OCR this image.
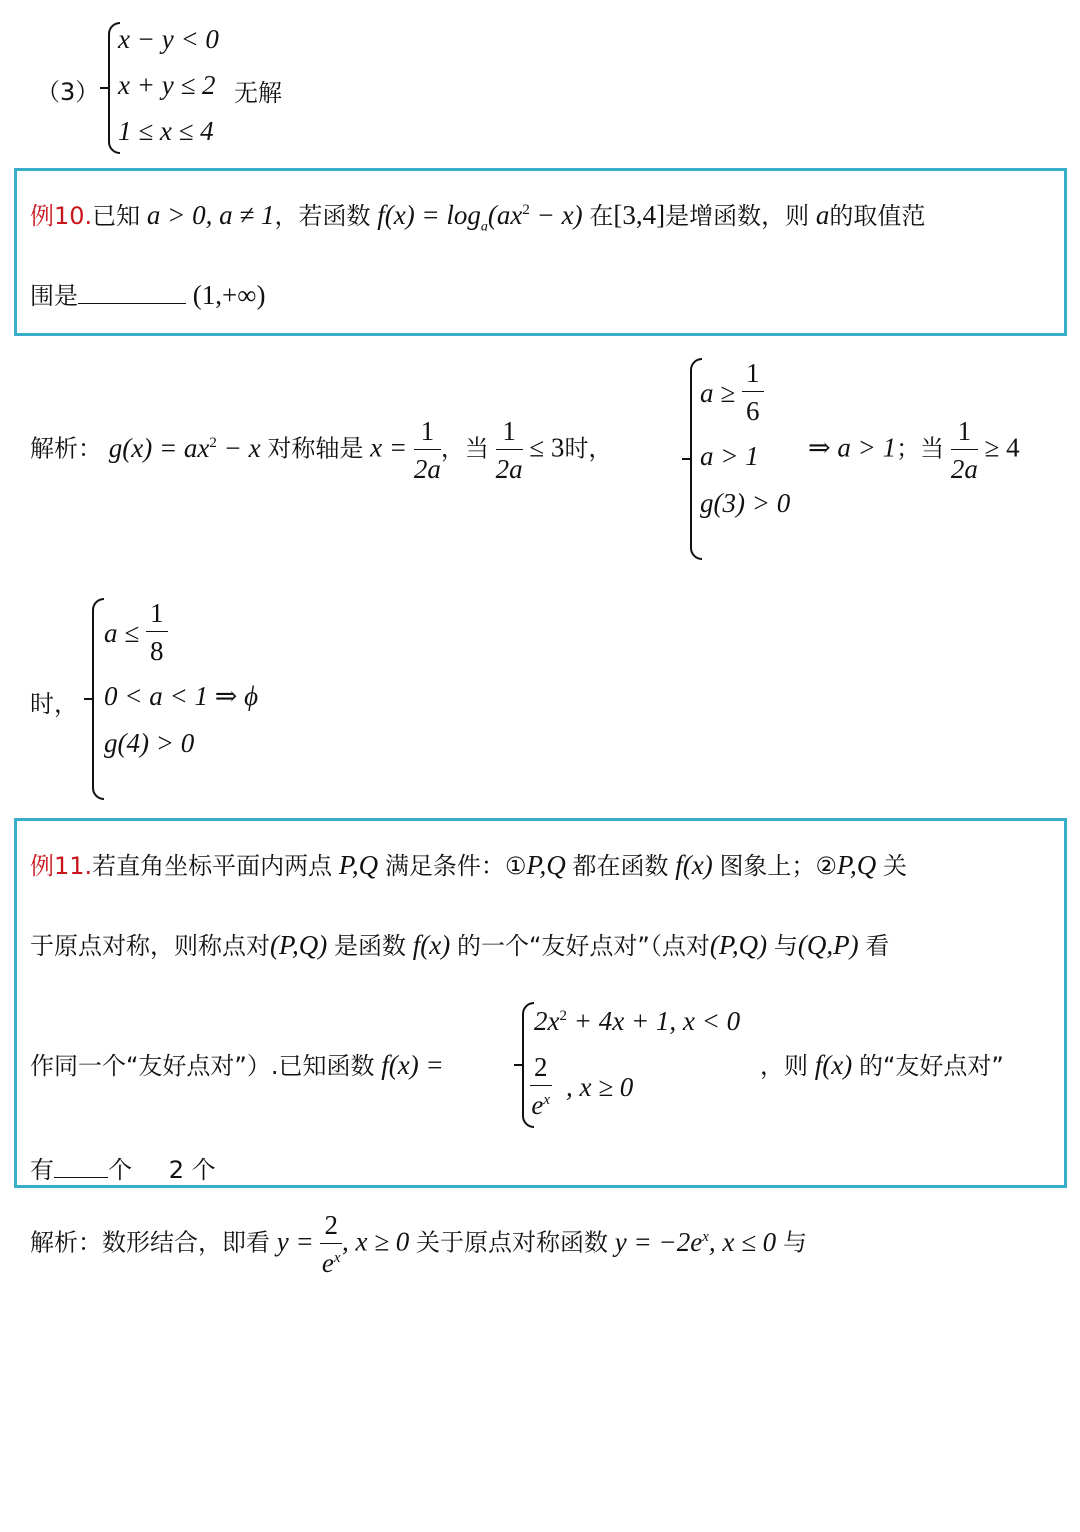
（3）
x − y < 0
x + y ≤ 2 无解
1 ≤ x ≤ 4
例10.已知 a > 0, a ≠ 1，若函数 $f(x) = \log_a(ax^2 - x)$ 在[3,4]是增函数，则 a的取值范
围是	(1,+∞)
解析： $g(x) = ax^2 - x$ 对称轴是 $x = \frac{1}{2a}$ ，当 $\frac{1}{2a} \le 3$时，
$a \ge \frac{1}{6}$
a > 1
g(3) > 0
⇒ a > 1；当 $\frac{1}{2a} \ge 4$
时，
$a \le \frac{1}{8}$
0 < a < 1 ⇒ ϕ
g(4) > 0
例11.若直角坐标平面内两点 P,Q 满足条件：①P,Q 都在函数 f(x) 图象上；②P,Q 关
于原点对称，则称点对(P,Q) 是函数 f(x) 的一个“友好点对”（点对(P,Q) 与(Q,P) 看
作同一个“友好点对”）.已知函数 f(x) =
$2x^2 + 4x + 1$, x < 0
$\frac{2}{e^x}$ , x ≥ 0
，则 f(x) 的“友好点对”
有 个 2 个
解析：数形结合，即看 $y = \frac{2}{e^x}$ , x ≥ 0 关于原点对称函数 $y = -2e^x$, x ≤ 0 与
